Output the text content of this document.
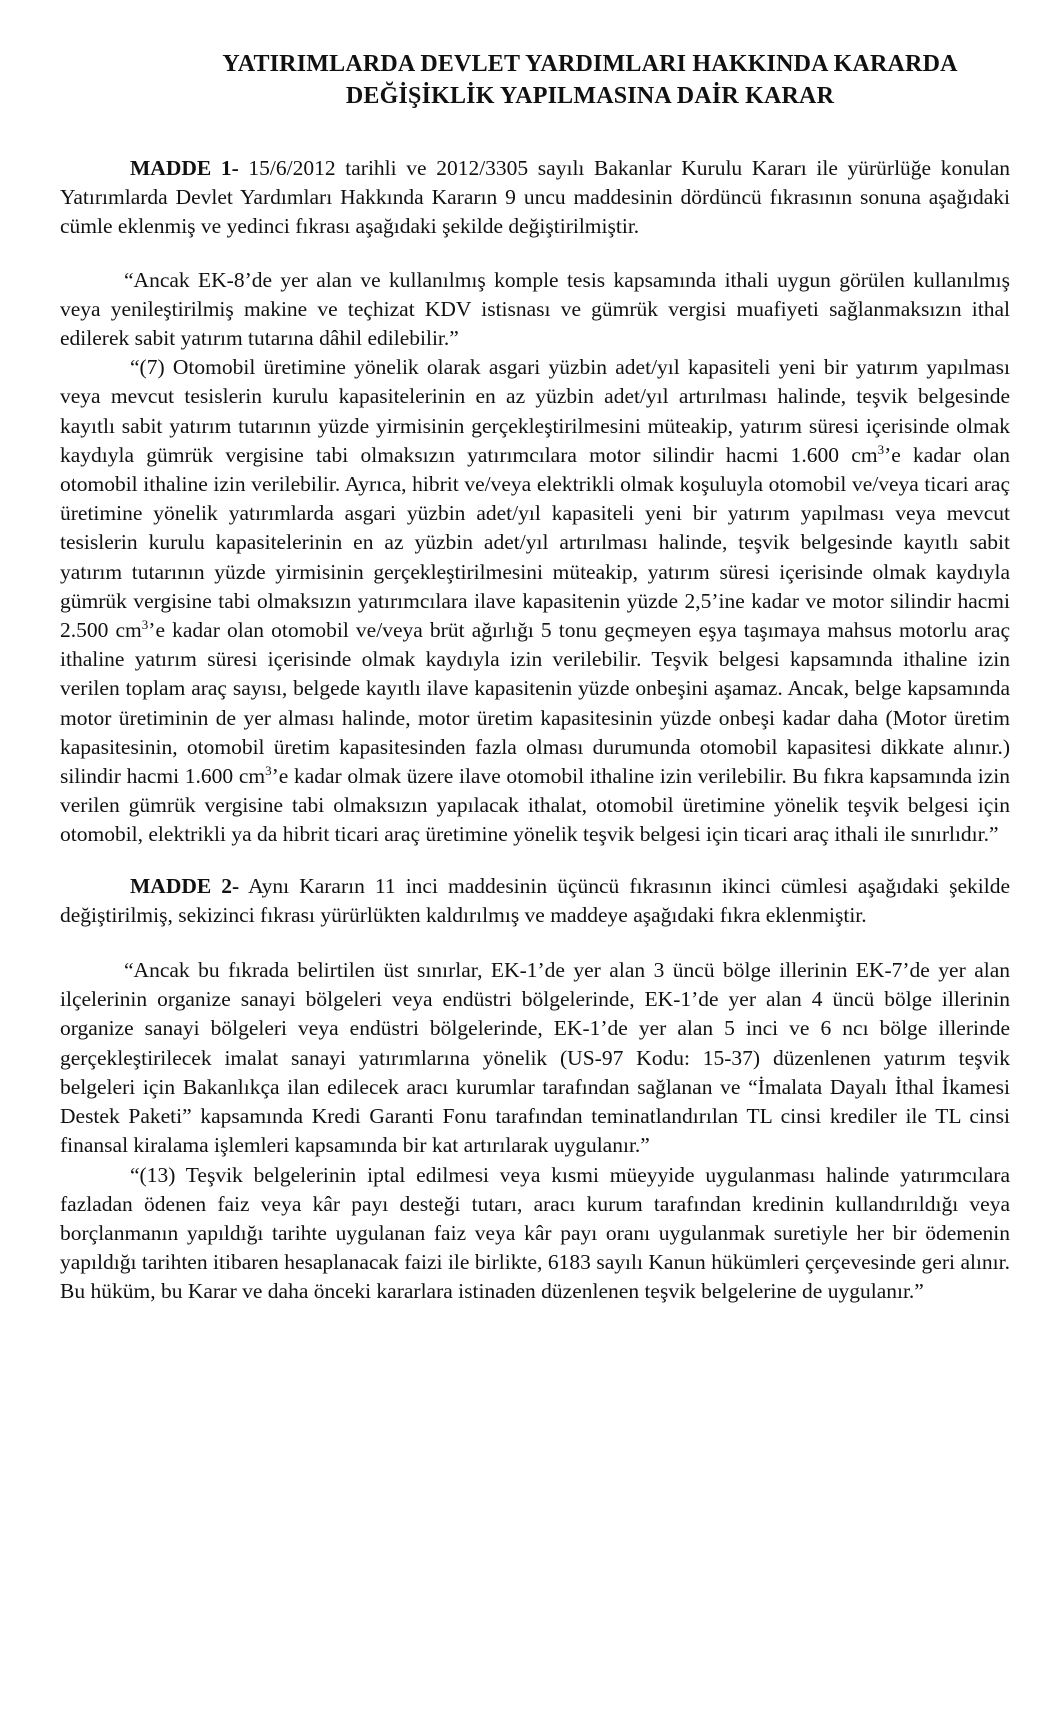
YATIRIMLARDA DEVLET YARDIMLARI HAKKINDA KARARDA
DEĞİŞİKLİK YAPILMASINA DAİR KARAR

MADDE 1- 15/6/2012 tarihli ve 2012/3305 sayılı Bakanlar Kurulu Kararı ile yürürlüğe konulan Yatırımlarda Devlet Yardımları Hakkında Kararın 9 uncu maddesinin dördüncü fıkrasının sonuna aşağıdaki cümle eklenmiş ve yedinci fıkrası aşağıdaki şekilde değiştirilmiştir.

“Ancak EK-8’de yer alan ve kullanılmış komple tesis kapsamında ithali uygun görülen kullanılmış veya yenileştirilmiş makine ve teçhizat KDV istisnası ve gümrük vergisi muafiyeti sağlanmaksızın ithal edilerek sabit yatırım tutarına dâhil edilebilir.”

“(7) Otomobil üretimine yönelik olarak asgari yüzbin adet/yıl kapasiteli yeni bir yatırım yapılması veya mevcut tesislerin kurulu kapasitelerinin en az yüzbin adet/yıl artırılması halinde, teşvik belgesinde kayıtlı sabit yatırım tutarının yüzde yirmisinin gerçekleştirilmesini müteakip, yatırım süresi içerisinde olmak kaydıyla gümrük vergisine tabi olmaksızın yatırımcılara motor silindir hacmi 1.600 $cm^3’e$ kadar olan otomobil ithaline izin verilebilir. Ayrıca, hibrit ve/veya elektrikli olmak koşuluyla otomobil ve/veya ticari araç üretimine yönelik yatırımlarda asgari yüzbin adet/yıl kapasiteli yeni bir yatırım yapılması veya mevcut tesislerin kurulu kapasitelerinin en az yüzbin adet/yıl artırılması halinde, teşvik belgesinde kayıtlı sabit yatırım tutarının yüzde yirmisinin gerçekleştirilmesini müteakip, yatırım süresi içerisinde olmak kaydıyla gümrük vergisine tabi olmaksızın yatırımcılara ilave kapasitenin yüzde 2,5’ine kadar ve motor silindir hacmi 2.500 $cm^3’e$ kadar olan otomobil ve/veya brüt ağırlığı 5 tonu geçmeyen eşya taşımaya mahsus motorlu araç ithaline yatırım süresi içerisinde olmak kaydıyla izin verilebilir. Teşvik belgesi kapsamında ithaline izin verilen toplam araç sayısı, belgede kayıtlı ilave kapasitenin yüzde onbeşini aşamaz. Ancak, belge kapsamında motor üretiminin de yer alması halinde, motor üretim kapasitesinin yüzde onbeşi kadar daha (Motor üretim kapasitesinin, otomobil üretim kapasitesinden fazla olması durumunda otomobil kapasitesi dikkate alınır.) silindir hacmi 1.600 $cm^3’e$ kadar olmak üzere ilave otomobil ithaline izin verilebilir. Bu fıkra kapsamında izin verilen gümrük vergisine tabi olmaksızın yapılacak ithalat, otomobil üretimine yönelik teşvik belgesi için otomobil, elektrikli ya da hibrit ticari araç üretimine yönelik teşvik belgesi için ticari araç ithali ile sınırlıdır.”

MADDE 2- Aynı Kararın 11 inci maddesinin üçüncü fıkrasının ikinci cümlesi aşağıdaki şekilde değiştirilmiş, sekizinci fıkrası yürürlükten kaldırılmış ve maddeye aşağıdaki fıkra eklenmiştir.

“Ancak bu fıkrada belirtilen üst sınırlar, EK-1’de yer alan 3 üncü bölge illerinin EK-7’de yer alan ilçelerinin organize sanayi bölgeleri veya endüstri bölgelerinde, EK-1’de yer alan 4 üncü bölge illerinin organize sanayi bölgeleri veya endüstri bölgelerinde, EK-1’de yer alan 5 inci ve 6 ncı bölge illerinde gerçekleştirilecek imalat sanayi yatırımlarına yönelik (US-97 Kodu: 15-37) düzenlenen yatırım teşvik belgeleri için Bakanlıkça ilan edilecek aracı kurumlar tarafından sağlanan ve “İmalata Dayalı İthal İkamesi Destek Paketi” kapsamında Kredi Garanti Fonu tarafından teminatlandırılan TL cinsi krediler ile TL cinsi finansal kiralama işlemleri kapsamında bir kat artırılarak uygulanır.”

“(13) Teşvik belgelerinin iptal edilmesi veya kısmi müeyyide uygulanması halinde yatırımcılara fazladan ödenen faiz veya kâr payı desteği tutarı, aracı kurum tarafından kredinin kullandırıldığı veya borçlanmanın yapıldığı tarihte uygulanan faiz veya kâr payı oranı uygulanmak suretiyle her bir ödemenin yapıldığı tarihten itibaren hesaplanacak faizi ile birlikte, 6183 sayılı Kanun hükümleri çerçevesinde geri alınır. Bu hüküm, bu Karar ve daha önceki kararlara istinaden düzenlenen teşvik belgelerine de uygulanır.”
